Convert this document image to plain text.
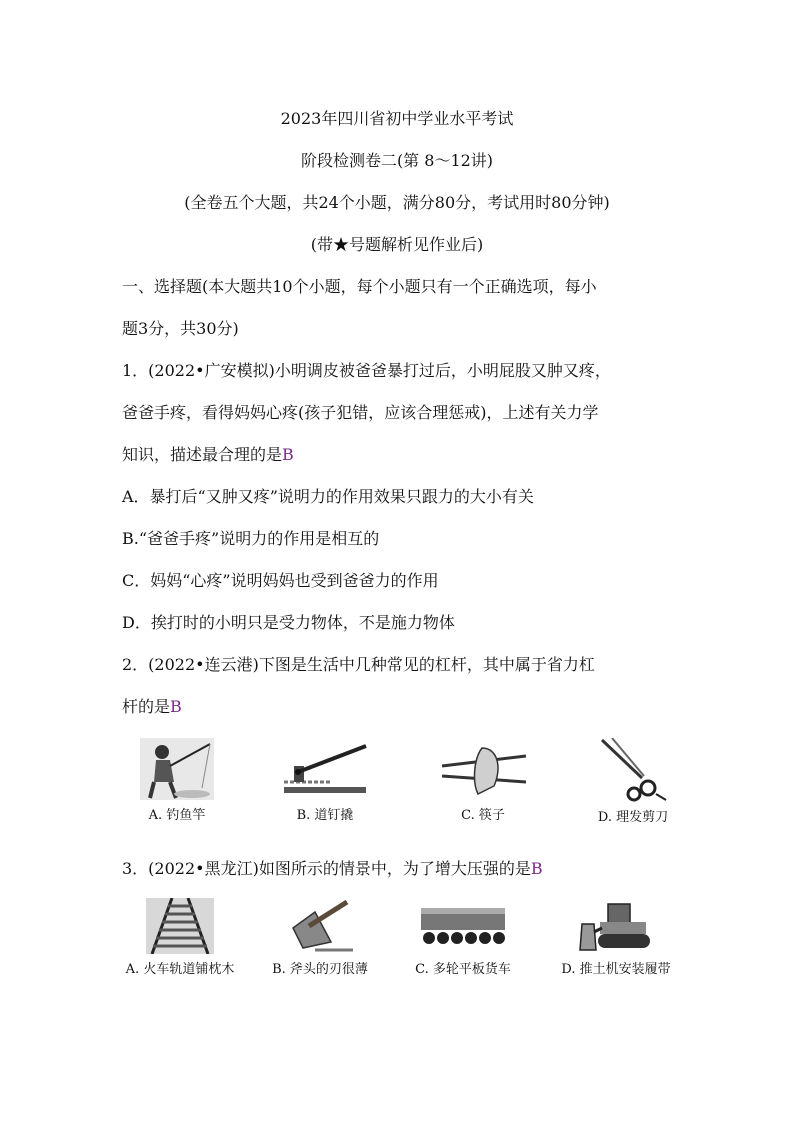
2023年四川省初中学业水平考试
阶段检测卷二(第 8～12讲)
(全卷五个大题，共24个小题，满分80分，考试用时80分钟)
(带★号题解析见作业后)
一、选择题(本大题共10个小题，每个小题只有一个正确选项，每小
题3分，共30分)
1．(2022•广安模拟)小明调皮被爸爸暴打过后，小明屁股又肿又疼，
爸爸手疼，看得妈妈心疼(孩子犯错，应该合理惩戒)，上述有关力学
知识，描述最合理的是B
A．暴打后“又肿又疼”说明力的作用效果只跟力的大小有关
B.“爸爸手疼”说明力的作用是相互的
C．妈妈“心疼”说明妈妈也受到爸爸力的作用
D．挨打时的小明只是受力物体，不是施力物体
2．(2022•连云港)下图是生活中几种常见的杠杆，其中属于省力杠
杆的是B
A. 钓鱼竿	B. 道钉撬	C. 筷子	D. 理发剪刀
3．(2022•黑龙江)如图所示的情景中，为了增大压强的是B
A. 火车轨道铺枕木	B. 斧头的刃很薄	C. 多轮平板货车	D. 推土机安装履带
